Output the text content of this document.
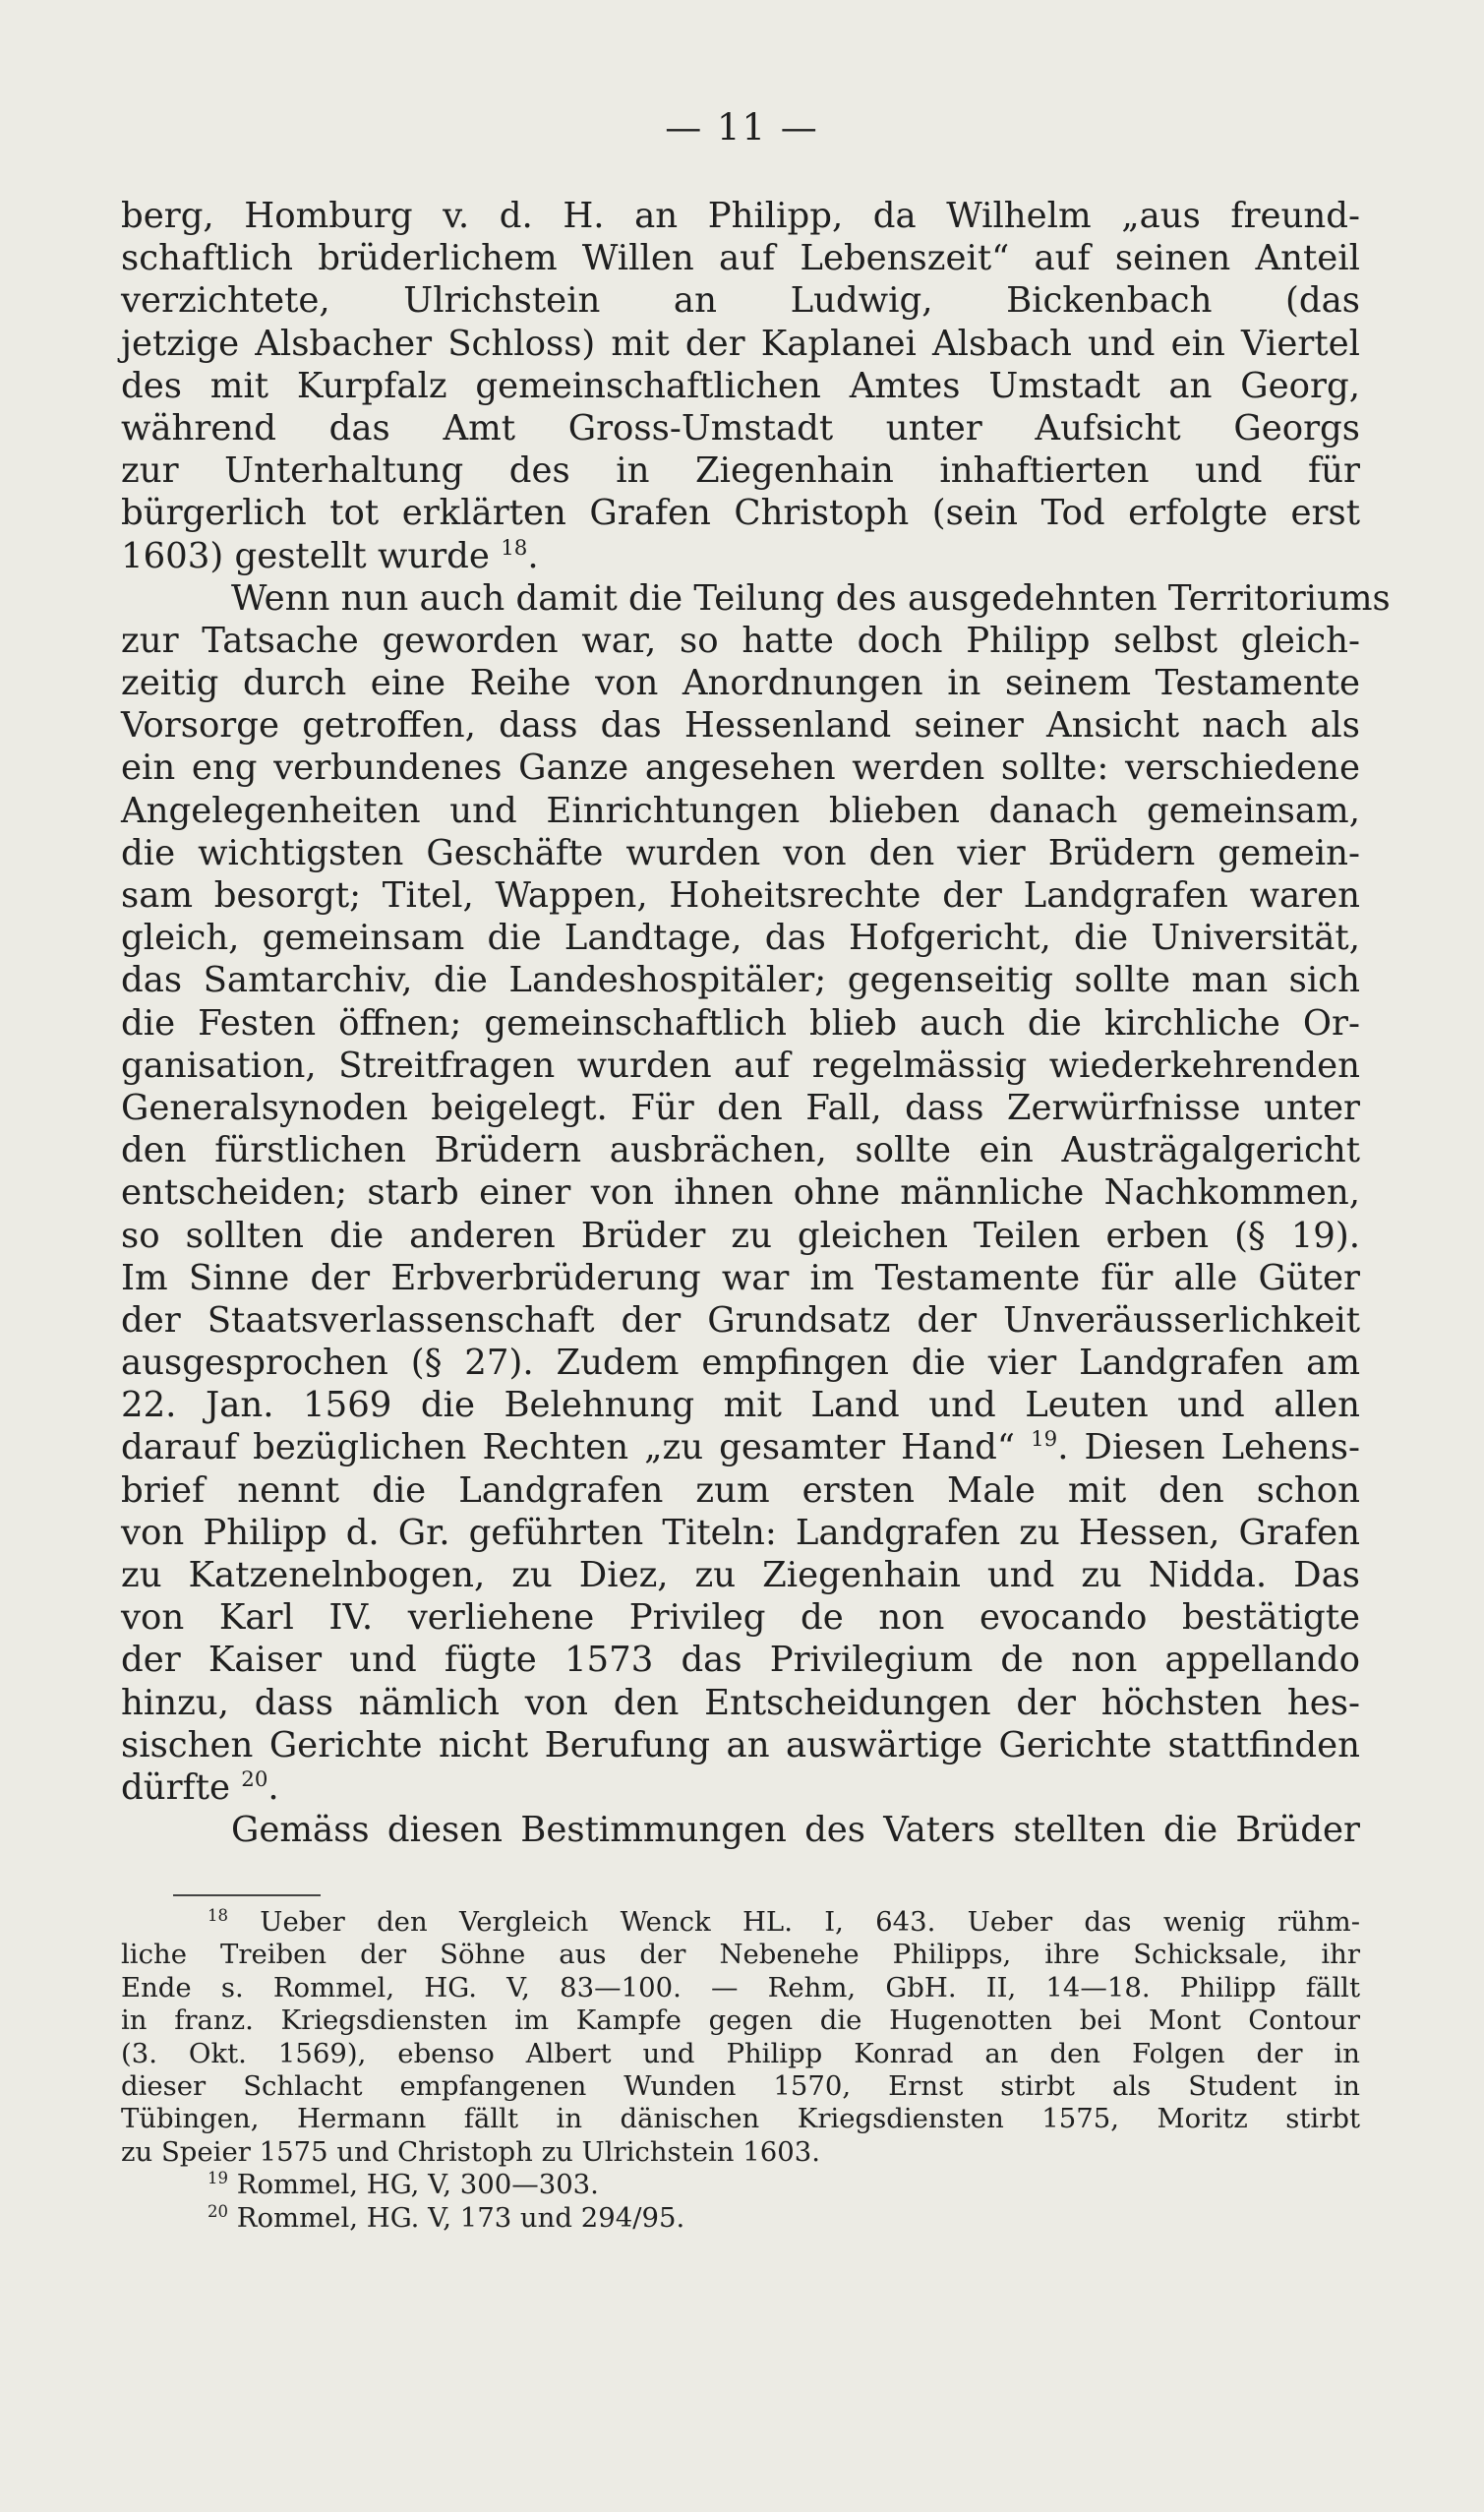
— 11 —
berg, Homburg v. d. H. an Philipp, da Wilhelm „aus freund-
schaftlich brüderlichem Willen auf Lebenszeit“ auf seinen Anteil
verzichtete, Ulrichstein an Ludwig, Bickenbach (das
jetzige Alsbacher Schloss) mit der Kaplanei Alsbach und ein Viertel
des mit Kurpfalz gemeinschaftlichen Amtes Umstadt an Georg,
während das Amt Gross-Umstadt unter Aufsicht Georgs
zur Unterhaltung des in Ziegenhain inhaftierten und für
bürgerlich tot erklärten Grafen Christoph (sein Tod erfolgte erst
1603) gestellt wurde $^{18}$.
Wenn nun auch damit die Teilung des ausgedehnten Territoriums
zur Tatsache geworden war, so hatte doch Philipp selbst gleich-
zeitig durch eine Reihe von Anordnungen in seinem Testamente
Vorsorge getroffen, dass das Hessenland seiner Ansicht nach als
ein eng verbundenes Ganze angesehen werden sollte: verschiedene
Angelegenheiten und Einrichtungen blieben danach gemeinsam,
die wichtigsten Geschäfte wurden von den vier Brüdern gemein-
sam besorgt; Titel, Wappen, Hoheitsrechte der Landgrafen waren
gleich, gemeinsam die Landtage, das Hofgericht, die Universität,
das Samtarchiv, die Landeshospitäler; gegenseitig sollte man sich
die Festen öffnen; gemeinschaftlich blieb auch die kirchliche Or-
ganisation, Streitfragen wurden auf regelmässig wiederkehrenden
Generalsynoden beigelegt. Für den Fall, dass Zerwürfnisse unter
den fürstlichen Brüdern ausbrächen, sollte ein Austrägalgericht
entscheiden; starb einer von ihnen ohne männliche Nachkommen,
so sollten die anderen Brüder zu gleichen Teilen erben (§ 19).
Im Sinne der Erbverbrüderung war im Testamente für alle Güter
der Staatsverlassenschaft der Grundsatz der Unveräusserlichkeit
ausgesprochen (§ 27). Zudem empfingen die vier Landgrafen am
22. Jan. 1569 die Belehnung mit Land und Leuten und allen
darauf bezüglichen Rechten „zu gesamter Hand“ $^{19}$. Diesen Lehens-
brief nennt die Landgrafen zum ersten Male mit den schon
von Philipp d. Gr. geführten Titeln: Landgrafen zu Hessen, Grafen
zu Katzenelnbogen, zu Diez, zu Ziegenhain und zu Nidda. Das
von Karl IV. verliehene Privileg de non evocando bestätigte
der Kaiser und fügte 1573 das Privilegium de non appellando
hinzu, dass nämlich von den Entscheidungen der höchsten hes-
sischen Gerichte nicht Berufung an auswärtige Gerichte stattfinden
dürfte $^{20}$.
Gemäss diesen Bestimmungen des Vaters stellten die Brüder
$^{18}$ Ueber den Vergleich Wenck HL. I, 643. Ueber das wenig rühm-
liche Treiben der Söhne aus der Nebenehe Philipps, ihre Schicksale, ihr
Ende s. Rommel, HG. V, 83—100. — Rehm, GbH. II, 14—18. Philipp fällt
in franz. Kriegsdiensten im Kampfe gegen die Hugenotten bei Mont Contour
(3. Okt. 1569), ebenso Albert und Philipp Konrad an den Folgen der in
dieser Schlacht empfangenen Wunden 1570, Ernst stirbt als Student in
Tübingen, Hermann fällt in dänischen Kriegsdiensten 1575, Moritz stirbt
zu Speier 1575 und Christoph zu Ulrichstein 1603.
$^{19}$ Rommel, HG, V, 300—303.
$^{20}$ Rommel, HG. V, 173 und 294/95.
